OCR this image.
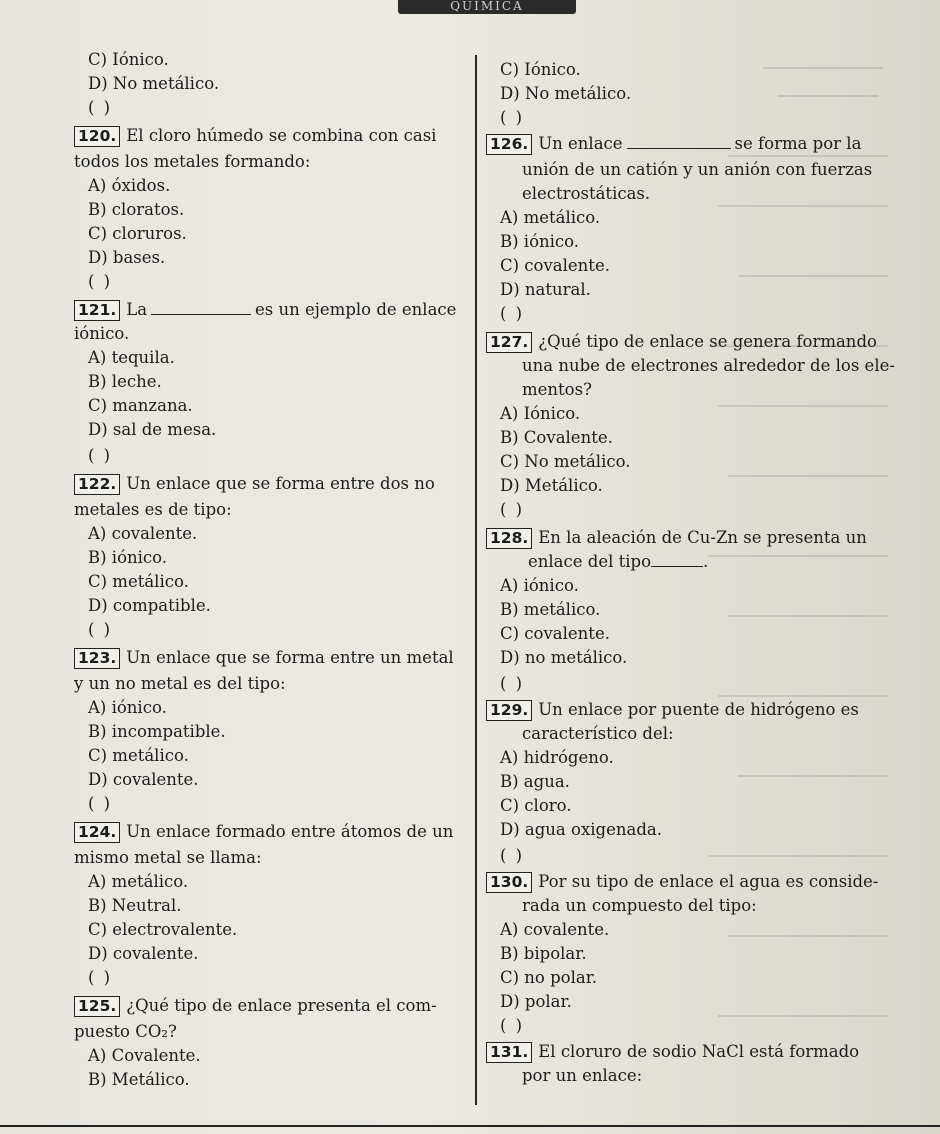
QUÍMICA
C) Iónico.
D) No metálico.
( )
120. El cloro húmedo se combina con casi
todos los metales formando:
A) óxidos.
B) cloratos.
C) cloruros.
D) bases.
( )
121. La	es un ejemplo de enlace
iónico.
A) tequila.
B) leche.
C) manzana.
D) sal de mesa.
( )
122. Un enlace que se forma entre dos no
metales es de tipo:
A) covalente.
B) iónico.
C) metálico.
D) compatible.
( )
123. Un enlace que se forma entre un metal
y un no metal es del tipo:
A) iónico.
B) incompatible.
C) metálico.
D) covalente.
( )
124. Un enlace formado entre átomos de un
mismo metal se llama:
A) metálico.
B) Neutral.
C) electrovalente.
D) covalente.
( )
125. ¿Qué tipo de enlace presenta el com-
puesto CO₂?
A) Covalente.
B) Metálico.
C) Iónico.
D) No metálico.
( )
126. Un enlace	se forma por la
unión de un catión y un anión con fuerzas
electrostáticas.
A) metálico.
B) iónico.
C) covalente.
D) natural.
( )
127. ¿Qué tipo de enlace se genera formando
una nube de electrones alrededor de los ele-
mentos?
A) Iónico.
B) Covalente.
C) No metálico.
D) Metálico.
( )
128. En la aleación de Cu-Zn se presenta un
enlace del tipo	.
A) iónico.
B) metálico.
C) covalente.
D) no metálico.
( )
129. Un enlace por puente de hidrógeno es
característico del:
A) hidrógeno.
B) agua.
C) cloro.
D) agua oxigenada.
( )
130. Por su tipo de enlace el agua es conside-
rada un compuesto del tipo:
A) covalente.
B) bipolar.
C) no polar.
D) polar.
( )
131. El cloruro de sodio NaCl está formado
por un enlace:
